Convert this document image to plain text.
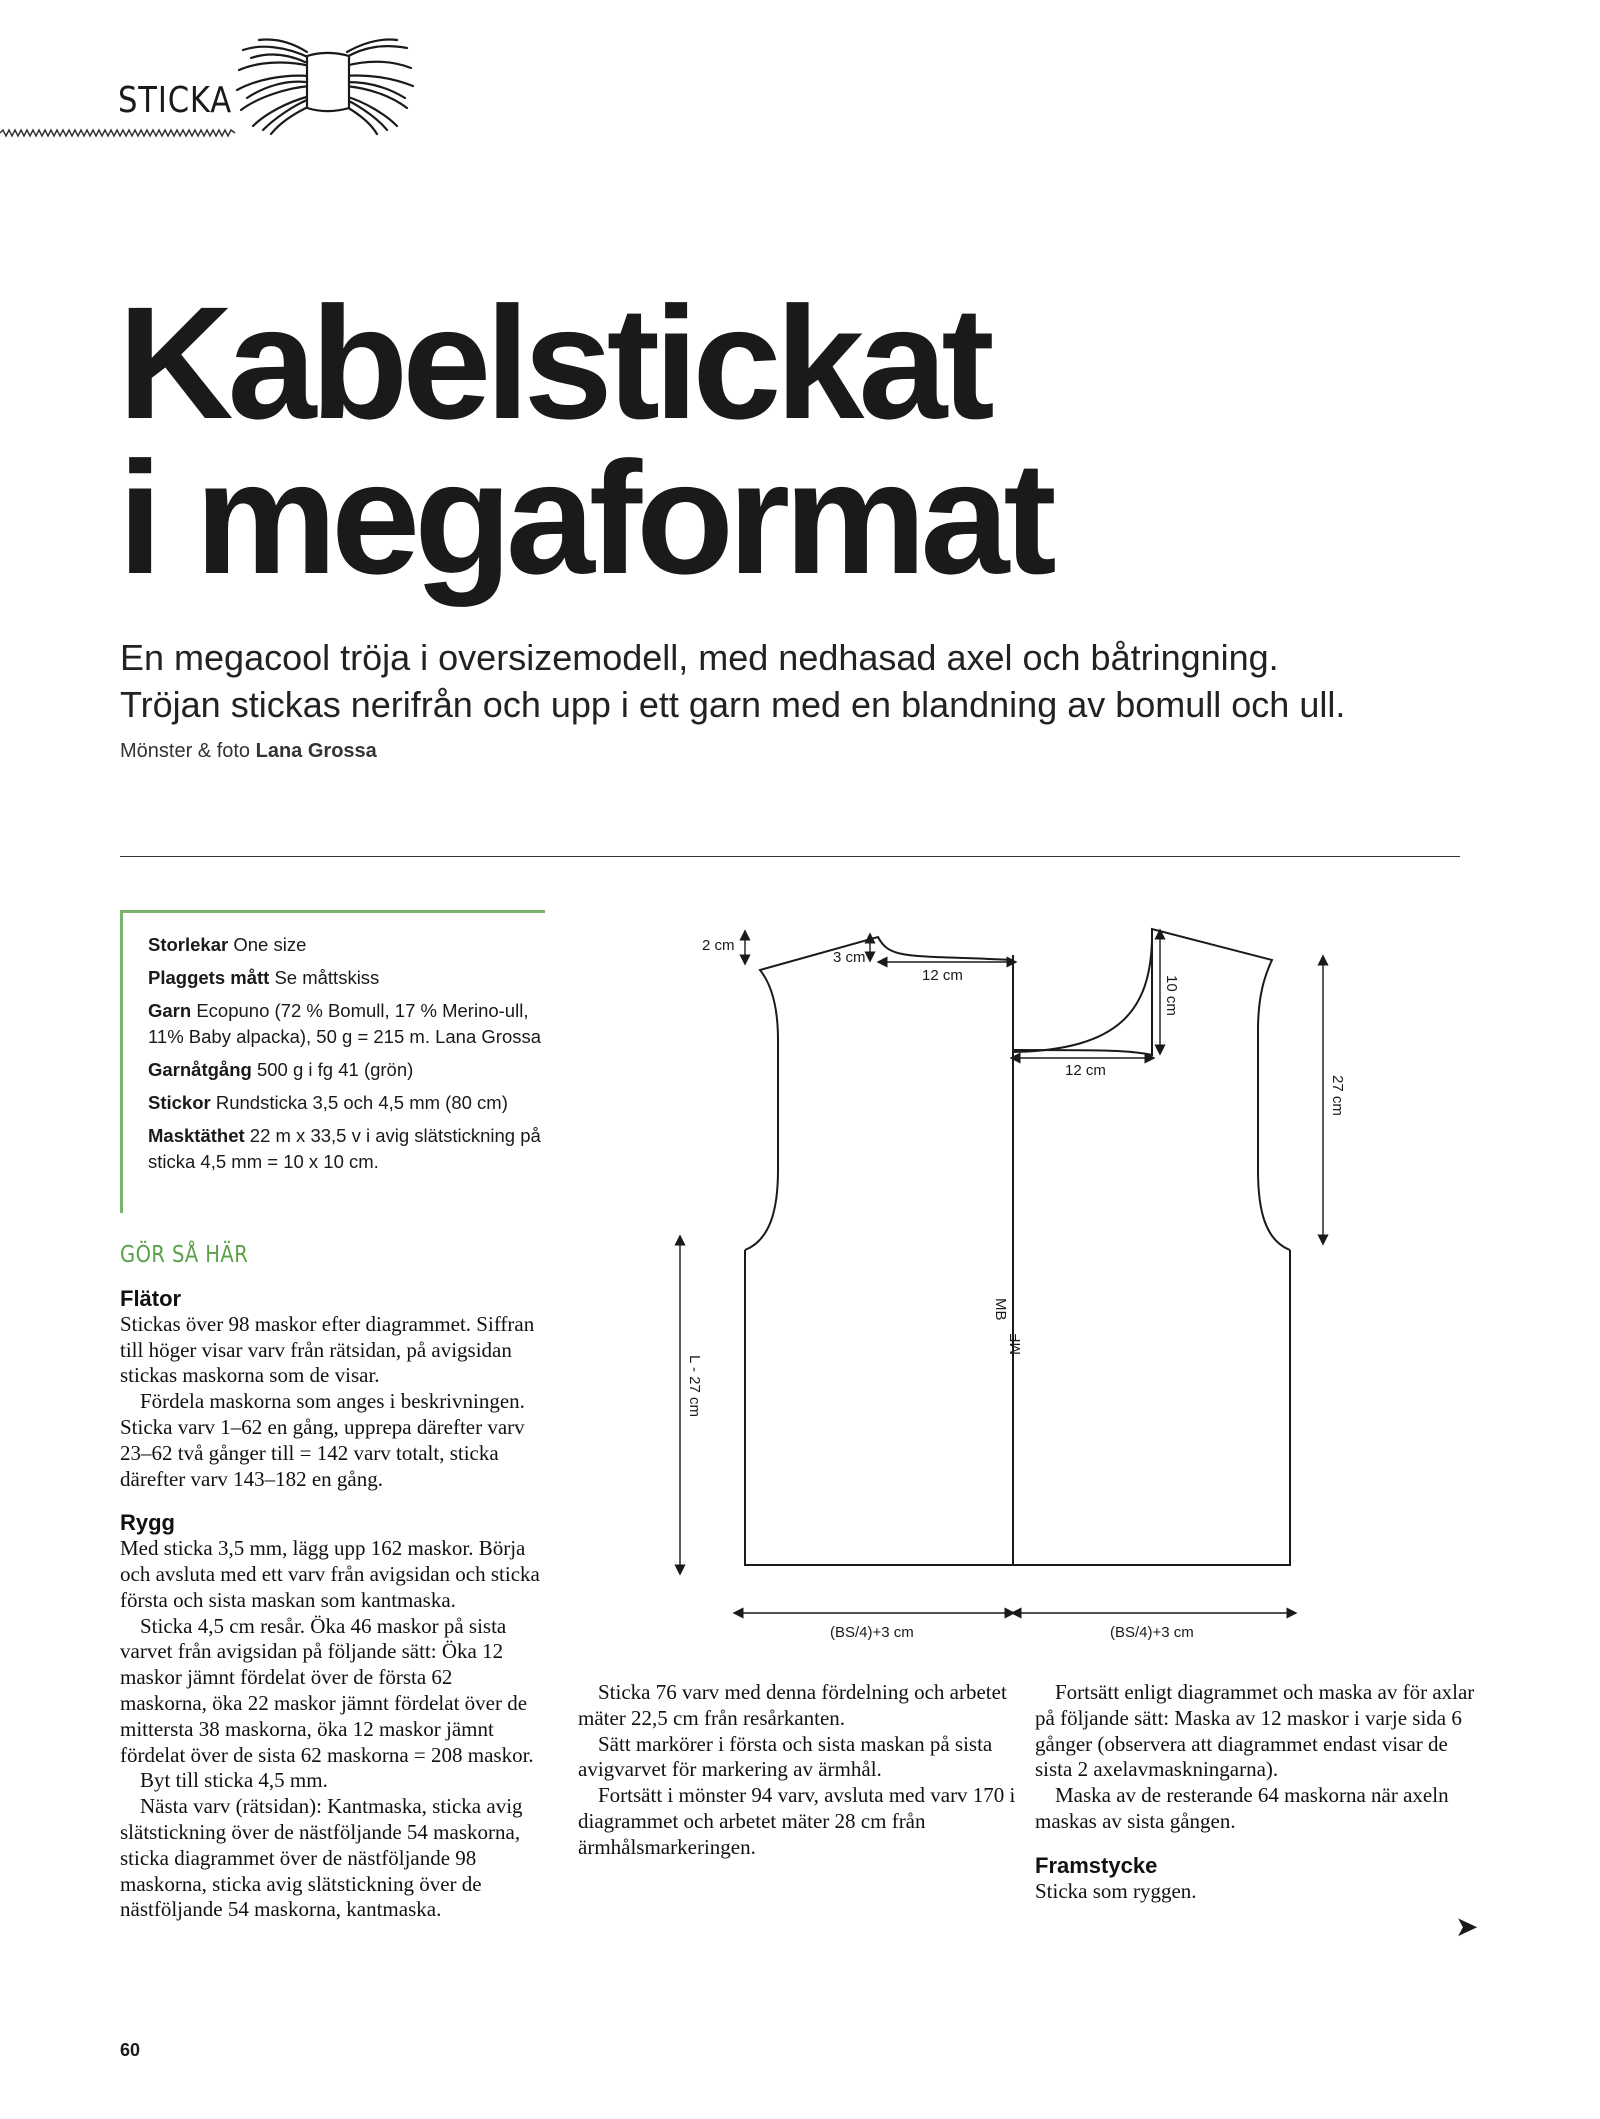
STICKA
Kabelstickat
i megaformat

En megacool tröja i oversizemodell, med nedhasad axel och båtringning.
Tröjan stickas nerifrån och upp i ett garn med en blandning av bomull och ull.

Mönster & foto Lana Grossa
Storlekar One size
Plaggets mått Se måttskiss
Garn Ecopuno (72 % Bomull, 17 % Merino-ull, 11% Baby alpacka), 50 g = 215 m. Lana Grossa
Garnåtgång 500 g i fg 41 (grön)
Stickor Rundsticka 3,5 och 4,5 mm (80 cm)
Masktäthet 22 m x 33,5 v i avig slätstickning på sticka 4,5 mm = 10 x 10 cm.
GÖR SÅ HÄR
Flätor

Stickas över 98 maskor efter diagrammet. Siffran till höger visar varv från rätsidan, på avigsidan stickas maskorna som de visar.

Fördela maskorna som anges i beskrivningen. Sticka varv 1–62 en gång, upprepa därefter varv 23–62 två gånger till = 142 varv totalt, sticka därefter varv 143–182 en gång.

Rygg

Med sticka 3,5 mm, lägg upp 162 maskor. Börja och avsluta med ett varv från avigsidan och sticka första och sista maskan som kantmaska.

Sticka 4,5 cm resår. Öka 46 maskor på sista varvet från avigsidan på följande sätt: Öka 12 maskor jämnt fördelat över de första 62 maskorna, öka 22 maskor jämnt fördelat över de mittersta 38 maskorna, öka 12 maskor jämnt fördelat över de sista 62 maskorna = 208 maskor.

Byt till sticka 4,5 mm.

Nästa varv (rätsidan): Kantmaska, sticka avig slätstickning över de nästföljande 54 maskorna, sticka diagrammet över de nästföljande 98 maskorna, sticka avig slätstickning över de nästföljande 54 maskorna, kantmaska.

Sticka 76 varv med denna fördelning och arbetet mäter 22,5 cm från resårkanten.

Sätt markörer i första och sista maskan på sista avigvarvet för markering av ärmhål.

Fortsätt i mönster 94 varv, avsluta med varv 170 i diagrammet och arbetet mäter 28 cm från ärmhålsmarkeringen.

Fortsätt enligt diagrammet och maska av för axlar på följande sätt: Maska av 12 maskor i varje sida 6 gånger (observera att diagrammet endast visar de sista 2 axelavmaskningarna).

Maska av de resterande 64 maskorna när axeln maskas av sista gången.

Framstycke

Sticka som ryggen.

➤
2 cm
3 cm
12 cm	10 cm
12 cm
27 cm
L - 27 cm
MB
MF
(BS/4)+3 cm	(BS/4)+3 cm
60
